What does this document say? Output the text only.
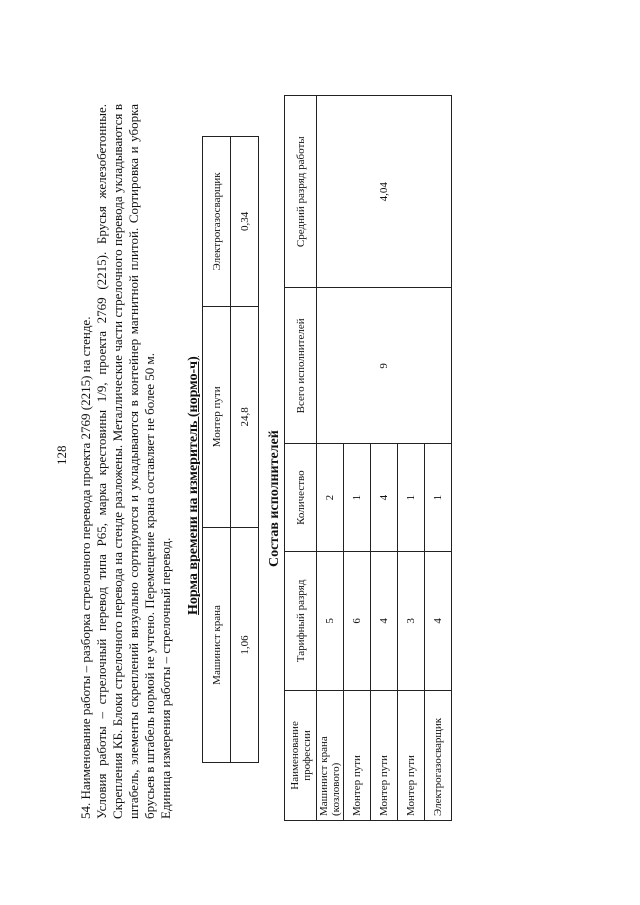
128 54. Наименование работы – разборка стрелочного перевода проекта 2769 (2215) на стенде. Условия работы – стрелочный перевод типа Р65, марка крестовины 1/9, проекта 2769 (2215). Брусья железобетонные. Скрепления КБ. Блоки стрелочного перевода на стенде разложены. Металлические части стрелочного перевода укладываются в штабель, элементы скреплений визуально сортируются и укладываются в контейнер магнитной плитой. Сортировка и уборка брусьев в штабель нормой не учтено. Перемещение крана составляет не более 50 м. Единица измерения работы – стрелочный перевод.
Норма времени на измеритель (нормо-ч)
Машинист крана	Монтер пути	Электрогазосварщик
1,06	24,8	0,34
Состав исполнителей
Наименование профессии	Тарифный разряд	Количество	Всего исполнителей	Средний разряд работы
Машинист крана (козлового)	5	2	9	4,04
Монтер пути	6	1		
Монтер пути	4	4		
Монтер пути	3	1		
Электрогазосварщик	4	1		
